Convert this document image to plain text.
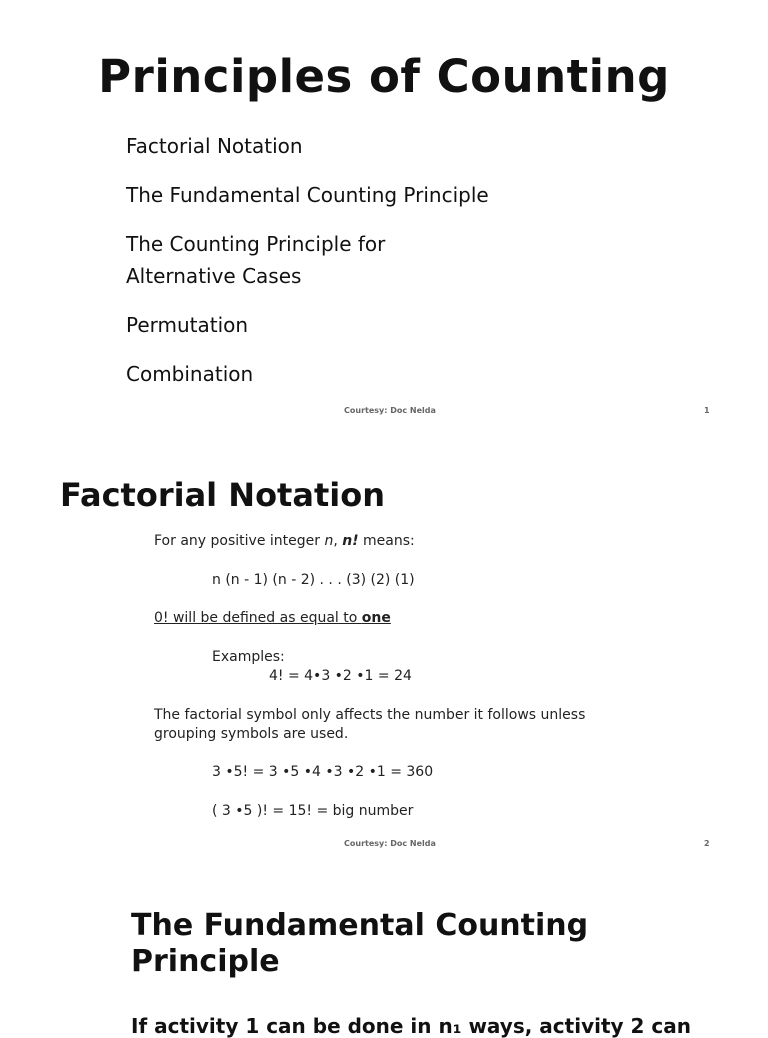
Principles of Counting
Factorial Notation
The Fundamental Counting Principle
The Counting Principle for Alternative Cases
Permutation
Combination
Courtesy: Doc Nelda	1
Factorial Notation
For any positive integer n, n! means:
n (n - 1) (n - 2) . . . (3) (2) (1)
0! will be defined as equal to one
Examples:
4! = 4•3 •2 •1 = 24
The factorial symbol only affects the number it follows unless
grouping symbols are used.
3 •5! = 3 •5 •4 •3 •2 •1 = 360
( 3 •5 )! = 15! = big number
Courtesy: Doc Nelda	2
The Fundamental Counting
Principle
If activity 1 can be done in n₁ ways, activity 2 can
